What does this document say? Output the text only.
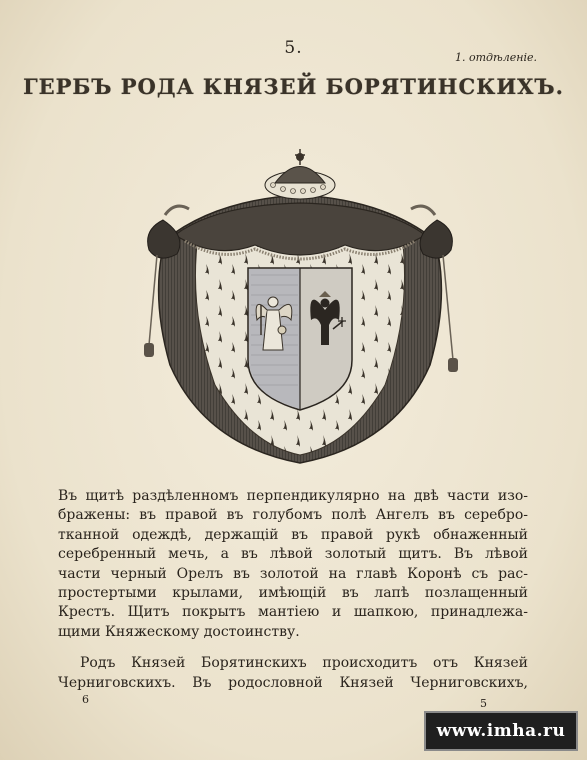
5.	1. отдѣленіе.
ГЕРБЪ РОДА КНЯЗЕЙ БОРЯТИНСКИХЪ.
Въ щитѣ раздѣленномъ перпендикулярно на двѣ части изо-
бражены: въ правой въ голубомъ полѣ Ангелъ въ серебро-
тканной одеждѣ, держащій въ правой рукѣ обнаженный
серебренный мечь, а въ лѣвой золотый щитъ. Въ лѣвой
части черный Орелъ въ золотой на главѣ Коронѣ съ рас-
простертыми крылами, имѣющій въ лапѣ позлащенный
Крестъ. Щитъ покрытъ мантіею и шапкою, принадлежа-
щими Княжескому достоинству.
Родъ Князей Борятинскихъ происходитъ отъ Князей
Черниговскихъ. Въ родословной Князей Черниговскихъ,
6	5
www.imha.ru
